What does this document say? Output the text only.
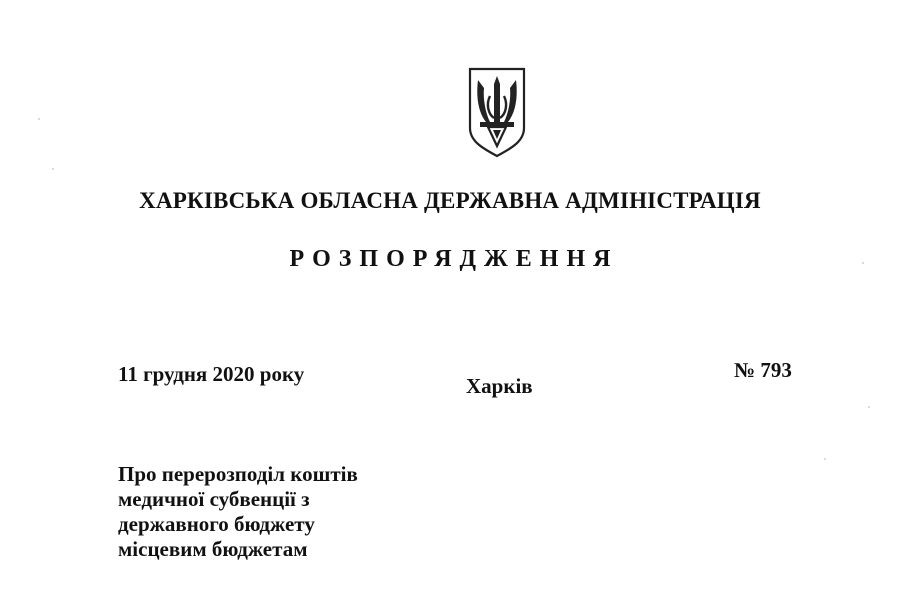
ХАРКІВСЬКА ОБЛАСНА ДЕРЖАВНА АДМІНІСТРАЦІЯ
РОЗПОРЯДЖЕННЯ
11 грудня 2020 року	Харків
№ 793
Про перерозподіл коштів
медичної субвенції з
державного бюджету
місцевим бюджетам
